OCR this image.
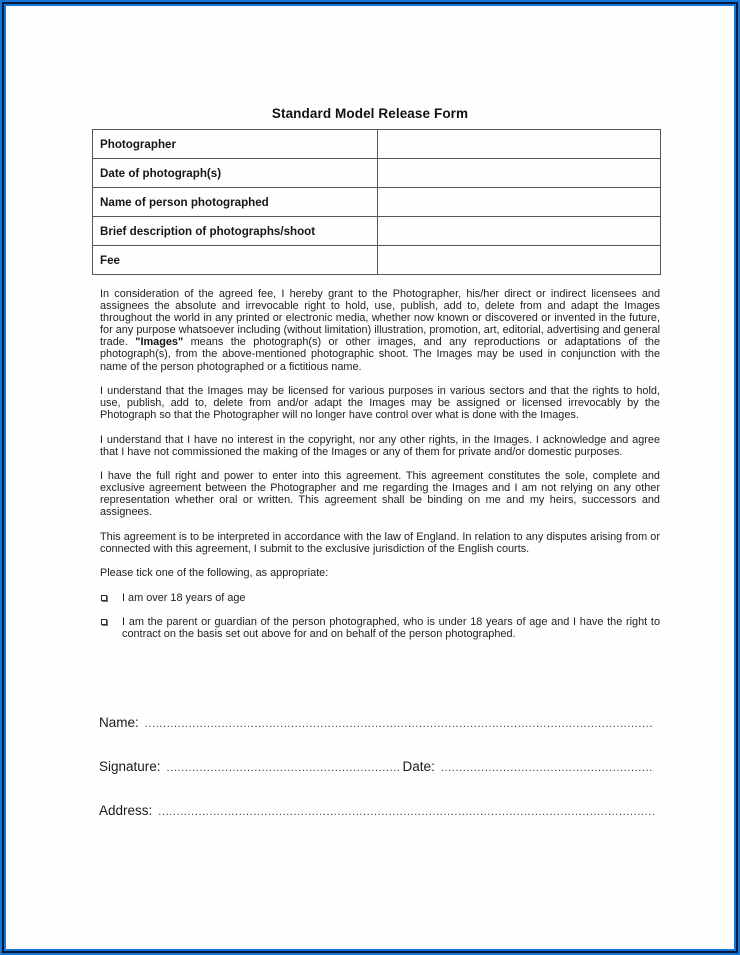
Standard Model Release Form
Photographer	
Date of photograph(s)	
Name of person photographed	
Brief description of photographs/shoot	
Fee	

In consideration of the agreed fee, I hereby grant to the Photographer, his/her direct or indirect licensees and assignees the absolute and irrevocable right to hold, use, publish, add to, delete from and adapt the Images throughout the world in any printed or electronic media, whether now known or discovered or invented in the future, for any purpose whatsoever including (without limitation) illustration, promotion, art, editorial, advertising and general trade. "Images" means the photograph(s) or other images, and any reproductions or adaptations of the photograph(s), from the above-mentioned photographic shoot. The Images may be used in conjunction with the name of the person photographed or a fictitious name.

I understand that the Images may be licensed for various purposes in various sectors and that the rights to hold, use, publish, add to, delete from and/or adapt the Images may be assigned or licensed irrevocably by the Photograph so that the Photographer will no longer have control over what is done with the Images.

I understand that I have no interest in the copyright, nor any other rights, in the Images. I acknowledge and agree that I have not commissioned the making of the Images or any of them for private and/or domestic purposes.

I have the full right and power to enter into this agreement. This agreement constitutes the sole, complete and exclusive agreement between the Photographer and me regarding the Images and I am not relying on any other representation whether oral or written. This agreement shall be binding on me and my heirs, successors and assignees.

This agreement is to be interpreted in accordance with the law of England. In relation to any disputes arising from or connected with this agreement, I submit to the exclusive jurisdiction of the English courts.

Please tick one of the following, as appropriate:

I am over 18 years of age
I am the parent or guardian of the person photographed, who is under 18 years of age and I have the right to contract on the basis set out above for and on behalf of the person photographed.
Name:
.....
Signature: .....	Date:
.....
Address:
.....
